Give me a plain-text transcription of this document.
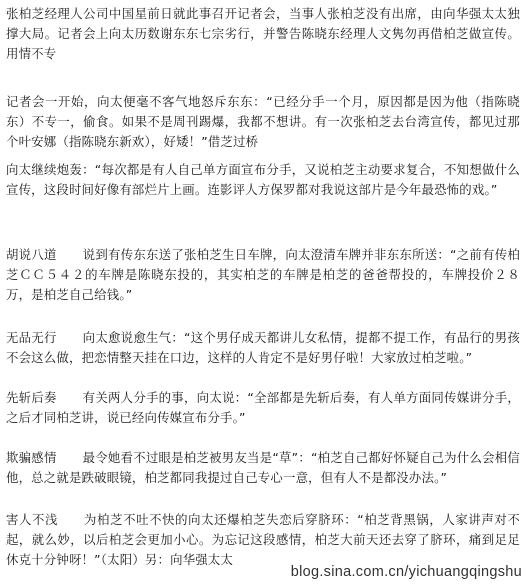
张柏芝经理人公司中国星前日就此事召开记者会，当事人张柏芝没有出席，由向华强太太独撑大局。记者会上向太历数谢东东七宗劣行，并警告陈晓东经理人文隽勿再借柏芝做宣传。用情不专

记者会一开始，向太便毫不客气地怒斥东东：“已经分手一个月，原因都是因为他（指陈晓东）不专一，偷食。如果不是周刊踢爆，我都不想讲。有一次张柏芝去台湾宣传，都见过那个叶安娜（指陈晓东新欢），好矮！”借芝过桥

向太继续炮轰：“每次都是有人自己单方面宣布分手，又说柏芝主动要求复合，不知想做什么宣传，这段时间好像有部烂片上画。连影评人方保罗都对我说这部片是今年最恐怖的戏。”

胡说八道 说到有传东东送了张柏芝生日车牌，向太澄清车牌并非东东所送：“之前有传柏芝ＣＣ５４２的车牌是陈晓东投的，其实柏芝的车牌是柏芝的爸爸帮投的，车牌投价２８万，是柏芝自己给钱。”

无品无行 向太愈说愈生气：“这个男仔成天都讲儿女私情，提都不提工作，有品行的男孩不会这么做，把恋情整天挂在口边，这样的人肯定不是好男仔啦！大家放过柏芝啦。”

先斩后奏 有关两人分手的事，向太说：“全部都是先斩后奏，有人单方面同传媒讲分手，之后才同柏芝讲，说已经向传媒宣布分手。”

欺骗感情 最令她看不过眼是柏芝被男友当是“草”：“柏芝自己都好怀疑自己为什么会相信他，总之就是跌破眼镜，柏芝都同我提过自己专心一意，但有人不是都没办法。”

害人不浅 为柏芝不吐不快的向太还爆柏芝失恋后穿脐环：“柏芝背黑锅，人家讲声对不起，就么妙，以后柏芝会更加小心。为忘记这段感情，柏芝大前天还去穿了脐环，痛到足足休克十分钟呀！”（太阳）另：向华强太太

blog.sina.com.cn/yichuangqingshu
